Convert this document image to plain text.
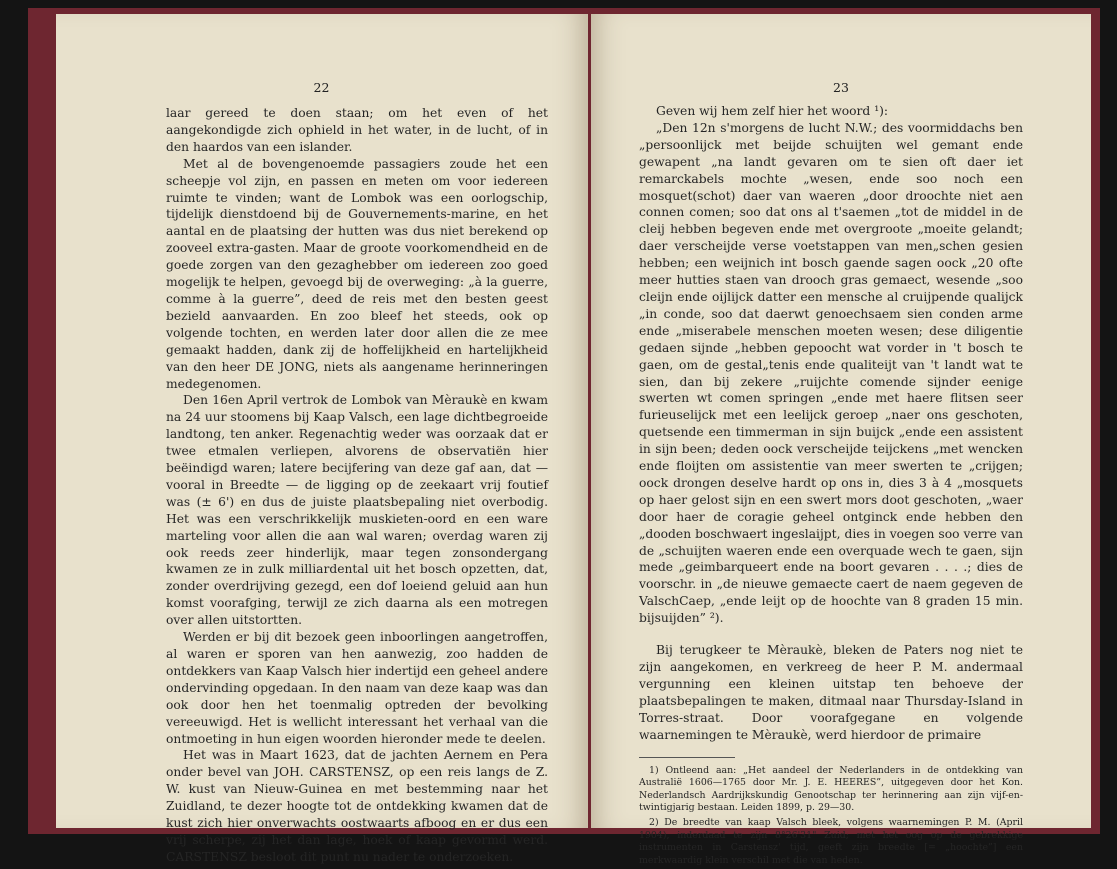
22

laar gereed te doen staan; om het even of het aangekondigde zich ophield in het water, in de lucht, of in den haardos van een islander.

Met al de bovengenoemde passagiers zoude het een scheepje vol zijn, en passen en meten om voor iedereen ruimte te vinden; want de Lombok was een oorlogschip, tijdelijk dienstdoend bij de Gouvernements-marine, en het aantal en de plaatsing der hutten was dus niet berekend op zooveel extra-gasten. Maar de groote voorkomendheid en de goede zorgen van den gezaghebber om iedereen zoo goed mogelijk te helpen, gevoegd bij de overweging: „à la guerre, comme à la guerre”, deed de reis met den besten geest bezield aanvaarden. En zoo bleef het steeds, ook op volgende tochten, en werden later door allen die ze mee gemaakt hadden, dank zij de hoffelijkheid en hartelijkheid van den heer DE JONG, niets als aangename herinneringen medegenomen.

Den 16en April vertrok de Lombok van Mèraukè en kwam na 24 uur stoomens bij Kaap Valsch, een lage dichtbegroeide landtong, ten anker. Regenachtig weder was oorzaak dat er twee etmalen verliepen, alvorens de observatiën hier beëindigd waren; latere becijfering van deze gaf aan, dat — vooral in Breedte — de ligging op de zeekaart vrij foutief was (± 6') en dus de juiste plaatsbepaling niet overbodig. Het was een verschrikkelijk muskieten-oord en een ware marteling voor allen die aan wal waren; overdag waren zij ook reeds zeer hinderlijk, maar tegen zonsondergang kwamen ze in zulk milliardental uit het bosch opzetten, dat, zonder overdrijving gezegd, een dof loeiend geluid aan hun komst voorafging, terwijl ze zich daarna als een motregen over allen uitstortten.

Werden er bij dit bezoek geen inboorlingen aangetroffen, al waren er sporen van hen aanwezig, zoo hadden de ontdekkers van Kaap Valsch hier indertijd een geheel andere ondervinding opgedaan. In den naam van deze kaap was dan ook door hen het toenmalig optreden der bevolking vereeuwigd. Het is wellicht interessant het verhaal van die ontmoeting in hun eigen woorden hieronder mede te deelen.

Het was in Maart 1623, dat de jachten Aernem en Pera onder bevel van JOH. CARSTENSZ, op een reis langs de Z. W. kust van Nieuw-Guinea en met bestemming naar het Zuidland, te dezer hoogte tot de ontdekking kwamen dat de kust zich hier onverwachts oostwaarts afboog en er dus een vrij scherpe, zij het dan lage, hoek of kaap gevormd werd. CARSTENSZ besloot dit punt nu nader te onderzoeken.

23

Geven wij hem zelf hier het woord ¹):

„Den 12n s'morgens de lucht N.W.; des voormiddachs ben „persoonlijck met beijde schuijten wel gemant ende gewapent „na landt gevaren om te sien oft daer iet remarckabels mochte „wesen, ende soo noch een mosquet(schot) daer van waeren „door droochte niet aen connen comen; soo dat ons al t'saemen „tot de middel in de cleij hebben begeven ende met overgroote „moeite gelandt; daer verscheijde verse voetstappen van men„schen gesien hebben; een weijnich int bosch gaende sagen oock „20 ofte meer hutties staen van drooch gras gemaect, wesende „soo cleijn ende oijlijck datter een mensche al cruijpende qualijck „in conde, soo dat daerwt genoechsaem sien conden arme ende „miserabele menschen moeten wesen; dese diligentie gedaen sijnde „hebben gepoocht wat vorder in 't bosch te gaen, om de gestal„tenis ende qualiteijt van 't landt wat te sien, dan bij zekere „ruijchte comende sijnder eenige swerten wt comen springen „ende met haere flitsen seer furieuselijck met een leelijck geroep „naer ons geschoten, quetsende een timmerman in sijn buijck „ende een assistent in sijn been; deden oock verscheijde teijckens „met wencken ende floijten om assistentie van meer swerten te „crijgen; oock drongen deselve hardt op ons in, dies 3 à 4 „mosquets op haer gelost sijn en een swert mors doot geschoten, „waer door haer de coragie geheel ontginck ende hebben den „dooden boschwaert ingeslaijpt, dies in voegen soo verre van de „schuijten waeren ende een overquade wech te gaen, sijn mede „geimbarqueert ende na boort gevaren . . . .; dies de voorschr. in „de nieuwe gemaecte caert de naem gegeven de ValschCaep, „ende leijt op de hoochte van 8 graden 15 min. bijsuijden” ²).

Bij terugkeer te Mèraukè, bleken de Paters nog niet te zijn aangekomen, en verkreeg de heer P. M. andermaal vergunning een kleinen uitstap ten behoeve der plaatsbepalingen te maken, ditmaal naar Thursday-Island in Torres-straat. Door voorafgegane en volgende waarnemingen te Mèraukè, werd hierdoor de primaire

1) Ontleend aan: „Het aandeel der Nederlanders in de ontdekking van Australië 1606—1765 door Mr. J. E. HEERES”, uitgegeven door het Kon. Nederlandsch Aardrijkskundig Genootschap ter herinnering aan zijn vijf-en-twintigjarig bestaan. Leiden 1899, p. 29—30.

2) De breedte van kaap Valsch bleek, volgens waarnemingen P. M. (April 1904), inderdaad te zijn 8°26'31" Zuid; met het oog op de gebrekkige instrumenten in Carstensz' tijd, geeft zijn breedte [= „hoochte”] een merkwaardig klein verschil met die van heden.
